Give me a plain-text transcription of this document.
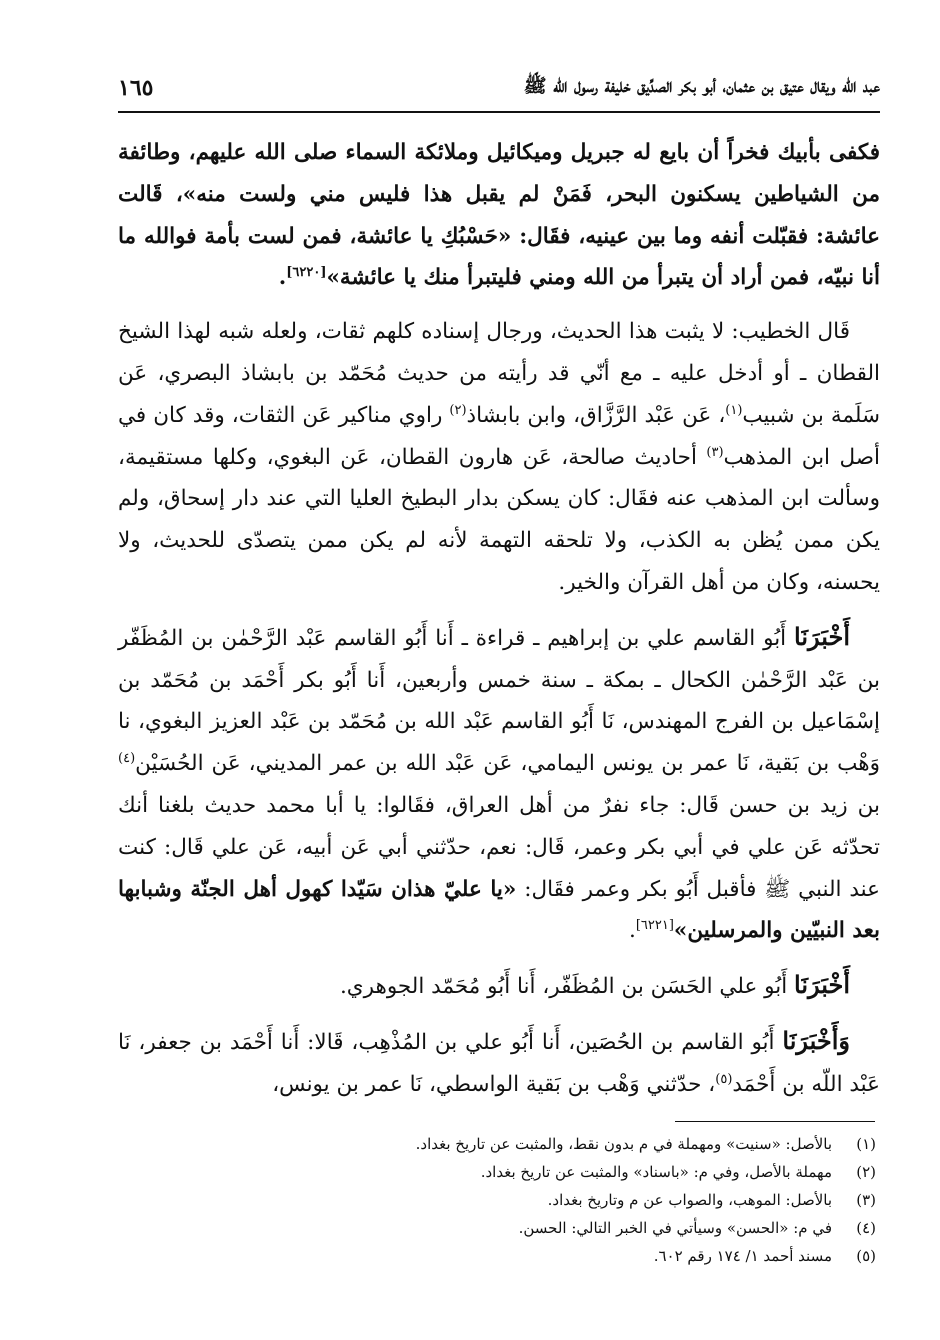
عبد الله ويقال عتيق بن عثمان، أبو بكر الصدِّيق خليفة رسول الله ﷺ
١٦٥

فكفى بأبيك فخراً أن بايع له جبريل وميكائيل وملائكة السماء صلى الله عليهم، وطائفة من الشياطين يسكنون البحر، فَمَنْ لم يقبل هذا فليس مني ولست منه»، قَالت عائشة: فقبّلت أنفه وما بين عينيه، فقَال: «حَسْبُكِ يا عائشة، فمن لست بأمة فوالله ما أنا نبيّه، فمن أراد أن يتبرأ من الله ومني فليتبرأ منك يا عائشة»[٦٢٢٠].

قَال الخطيب: لا يثبت هذا الحديث، ورجال إسناده كلهم ثقات، ولعله شبه لهذا الشيخ القطان ـ أو أدخل عليه ـ مع أنّي قد رأيته من حديث مُحَمّد بن بابشاذ البصري، عَن سَلَمة بن شبيب$^{(١)}$، عَن عَبْد الرَّزَّاق، وابن بابشاذ$^{(٢)}$ راوي مناكير عَن الثقات، وقد كان في أصل ابن المذهب$^{(٣)}$ أحاديث صالحة، عَن هارون القطان، عَن البغوي، وكلها مستقيمة، وسألت ابن المذهب عنه فقَال: كان يسكن بدار البطيخ العليا التي عند دار إسحاق، ولم يكن ممن يُظن به الكذب، ولا تلحقه التهمة لأنه لم يكن ممن يتصدّى للحديث، ولا يحسنه، وكان من أهل القرآن والخير.

أَخْبَرَنَا أَبُو القاسم علي بن إبراهيم ـ قراءة ـ أَنا أَبُو القاسم عَبْد الرَّحْمٰن بن المُظَفّر بن عَبْد الرَّحْمٰن الكحال ـ بمكة ـ سنة خمس وأربعين، أَنا أَبُو بكر أَحْمَد بن مُحَمّد بن إسْمَاعيل بن الفرج المهندس، نَا أَبُو القاسم عَبْد الله بن مُحَمّد بن عَبْد العزيز البغوي، نا وَهْب بن بَقية، نَا عمر بن يونس اليمامي، عَن عَبْد الله بن عمر المديني، عَن الحُسَيْن$^{(٤)}$ بن زيد بن حسن قَال: جاء نفرٌ من أهل العراق، فقَالوا: يا أبا محمد حديث بلغنا أنك تحدّثه عَن علي في أبي بكر وعمر، قَال: نعم، حدّثني أبي عَن أبيه، عَن علي قَال: كنت عند النبي ﷺ فأقبل أَبُو بكر وعمر فقَال: «يا عليّ هذان سَيّدا كهول أهل الجنّة وشبابها بعد النبيّين والمرسلين»[٦٢٢١].

أَخْبَرَنَا أَبُو علي الحَسَن بن المُظَفّر، أَنا أَبُو مُحَمّد الجوهري.

وَأَخْبَرَنَا أَبُو القاسم بن الحُصَين، أَنا أَبُو علي بن المُذْهِب، قَالا: أَنا أَحْمَد بن جعفر، نَا عَبْد اللّه بن أَحْمَد$^{(٥)}$، حدّثني وَهْب بن بَقية الواسطي، نَا عمر بن يونس،

(١)
بالأصل: «سنيت» ومهملة في م بدون نقط، والمثبت عن تاريخ بغداد.
(٢)
مهملة بالأصل، وفي م: «باسناد» والمثبت عن تاريخ بغداد.
(٣)
بالأصل: الموهب، والصواب عن م وتاريخ بغداد.
(٤)
في م: «الحسن» وسيأتي في الخبر التالي: الحسن.
(٥)
مسند أحمد ١/ ١٧٤ رقم ٦٠٢.
